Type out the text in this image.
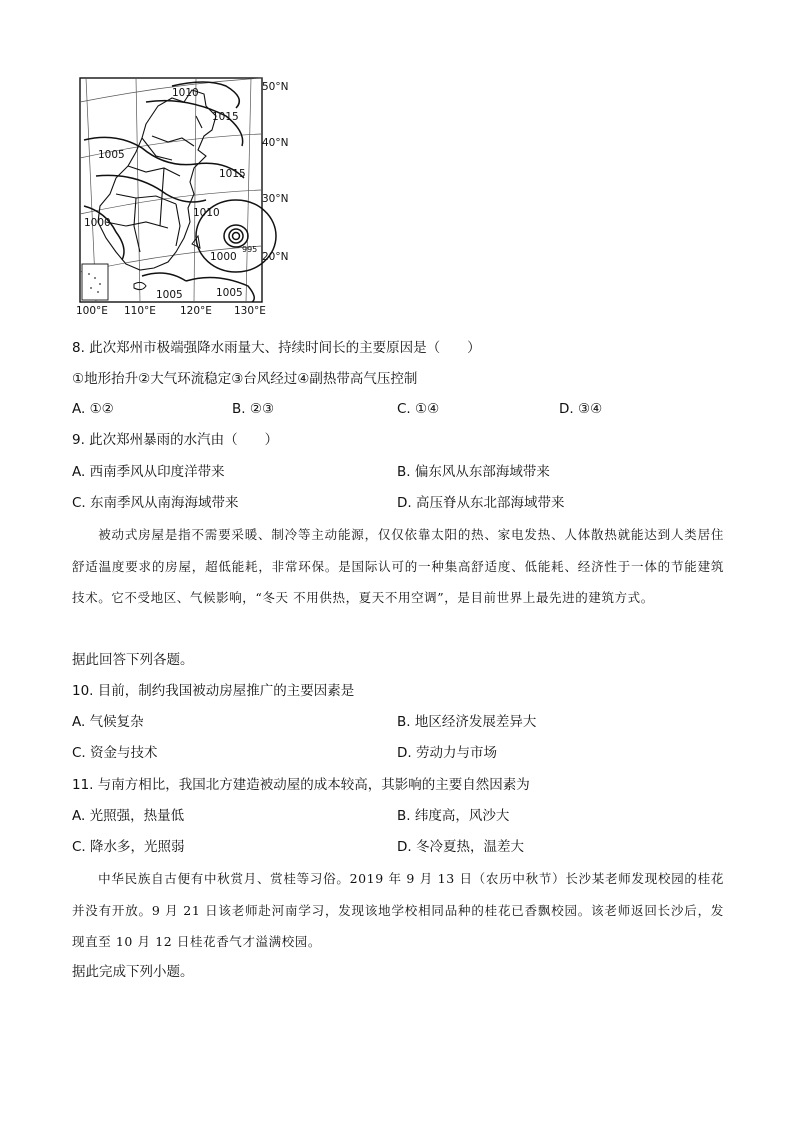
1010
1015
1005
1015
1010
1000
1000
1005	1005
995
50°N
40°N
30°N
20°N
100°E 110°E 120°E 130°E
8. 此次郑州市极端强降水雨量大、持续时间长的主要原因是（　　）
①地形抬升②大气环流稳定③台风经过④副热带高气压控制
A. ①②	B. ②③	C. ①④	D. ③④
9. 此次郑州暴雨的水汽由（　　）
A. 西南季风从印度洋带来	B. 偏东风从东部海域带来
C. 东南季风从南海海域带来	D. 高压脊从东北部海域带来
被动式房屋是指不需要采暖、制冷等主动能源，仅仅依靠太阳的热、家电发热、人体散热就能达到人类居住舒适温度要求的房屋，超低能耗，非常环保。是国际认可的一种集高舒适度、低能耗、经济性于一体的节能建筑技术。它不受地区、气候影响，“冬天 不用供热，夏天不用空调”，是目前世界上最先进的建筑方式。
据此回答下列各题。
10. 目前，制约我国被动房屋推广的主要因素是
A. 气候复杂	B. 地区经济发展差异大
C. 资金与技术	D. 劳动力与市场
11. 与南方相比，我国北方建造被动屋的成本较高，其影响的主要自然因素为
A. 光照强，热量低	B. 纬度高，风沙大
C. 降水多，光照弱	D. 冬冷夏热，温差大
中华民族自古便有中秋赏月、赏桂等习俗。2019 年 9 月 13 日（农历中秋节）长沙某老师发现校园的桂花并没有开放。9 月 21 日该老师赴河南学习，发现该地学校相同品种的桂花已香飘校园。该老师返回长沙后，发现直至 10 月 12 日桂花香气才溢满校园。
据此完成下列小题。
